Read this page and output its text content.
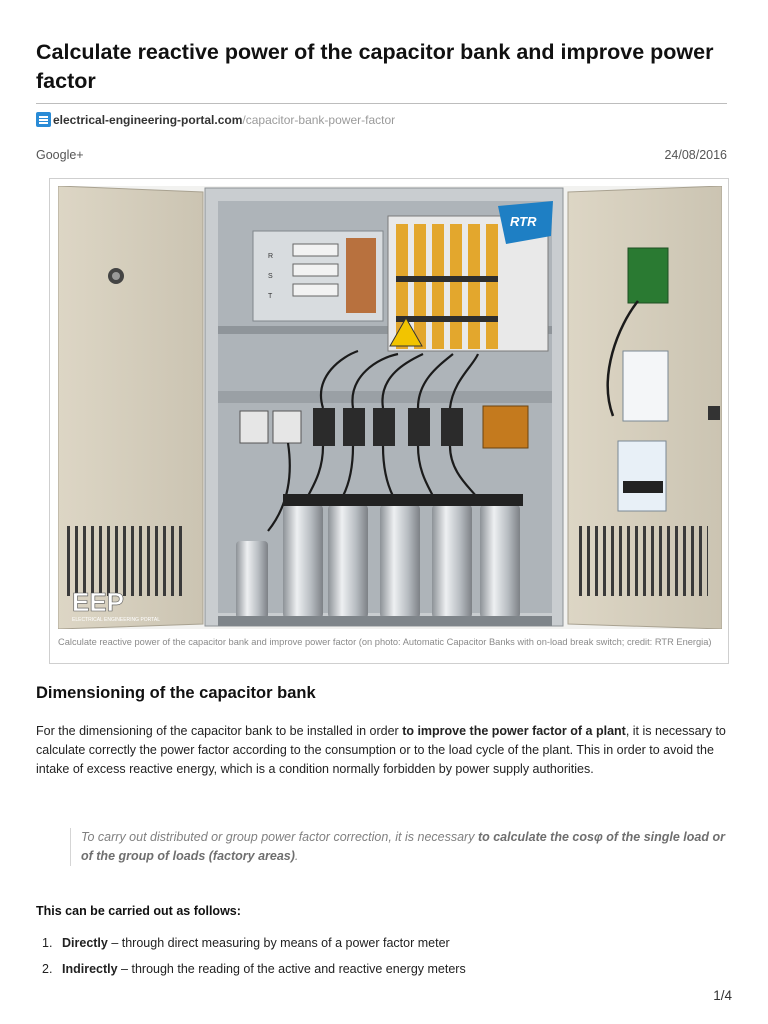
Calculate reactive power of the capacitor bank and improve power factor
electrical-engineering-portal.com/capacitor-bank-power-factor
Google+	24/08/2016
R
S
T
RTR
EEP
ELECTRICAL ENGINEERING PORTAL
Calculate reactive power of the capacitor bank and improve power factor (on photo: Automatic Capacitor Banks with on-load break switch; credit: RTR Energia)
Dimensioning of the capacitor bank

For the dimensioning of the capacitor bank to be installed in order to improve the power factor of a plant, it is necessary to calculate correctly the power factor according to the consumption or to the load cycle of the plant. This in order to avoid the intake of excess reactive energy, which is a condition normally forbidden by power supply authorities.

To carry out distributed or group power factor correction, it is necessary to calculate the cosφ of the single load or of the group of loads (factory areas).
This can be carried out as follows:
1. Directly – through direct measuring by means of a power factor meter
2. Indirectly – through the reading of the active and reactive energy meters
1/4
